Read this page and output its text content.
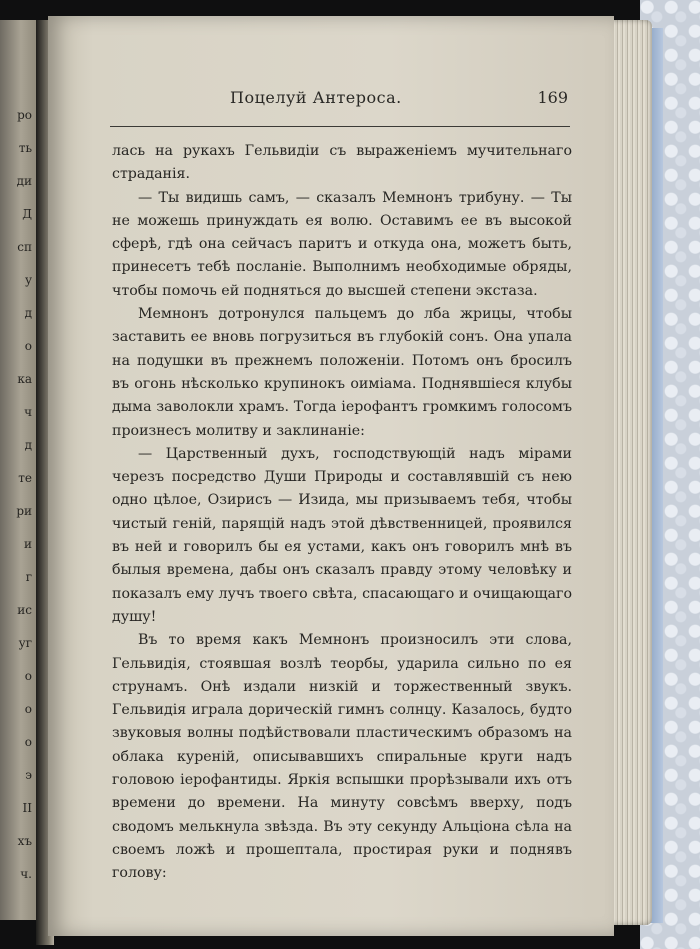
ро
ть
ди
Д
сп
у
д
о
ка
ч
д
те
ри
и
г
ис
уг
о
о
о
э
II
хъ
ч.
Поцелуй Антероса.	169

лась на рукахъ Гельвидіи съ выраженіемъ мучительнаго страданія.

— Ты видишь самъ, — сказалъ Мемнонъ трибуну. — Ты не можешь принуждать ея волю. Оставимъ ее въ высокой сферѣ, гдѣ она сейчасъ паритъ и откуда она, можетъ быть, принесетъ тебѣ посланіе. Выполнимъ необходимые обряды, чтобы помочь ей подняться до высшей степени экстаза.

Мемнонъ дотронулся пальцемъ до лба жрицы, чтобы заставить ее вновь погрузиться въ глубокій сонъ. Она упала на подушки въ прежнемъ положеніи. Потомъ онъ бросилъ въ огонь нѣсколько крупинокъ оиміама. Поднявшіеся клубы дыма заволокли храмъ. Тогда іерофантъ громкимъ голосомъ произнесъ молитву и заклинаніе:

— Царственный духъ, господствующій надъ мірами черезъ посредство Души Природы и составлявшій съ нею одно цѣлое, Озирисъ — Изида, мы призываемъ тебя, чтобы чистый геній, парящій надъ этой дѣвственницей, проявился въ ней и говорилъ бы ея устами, какъ онъ говорилъ мнѣ въ былыя времена, дабы онъ сказалъ правду этому человѣку и показалъ ему лучъ твоего свѣта, спасающаго и очищающаго душу!

Въ то время какъ Мемнонъ произносилъ эти слова, Гельвидія, стоявшая возлѣ теорбы, ударила сильно по ея струнамъ. Онѣ издали низкій и торжественный звукъ. Гельвидія играла дорическій гимнъ солнцу. Казалось, будто звуковыя волны подѣйствовали пластическимъ образомъ на облака куреній, описывавшихъ спиральные круги надъ головою іерофантиды. Яркія вспышки прорѣзывали ихъ отъ времени до времени. На минуту совсѣмъ вверху, подъ сводомъ мелькнула звѣзда. Въ эту секунду Альціона сѣла на своемъ ложѣ и прошептала, простирая руки и поднявъ голову:
